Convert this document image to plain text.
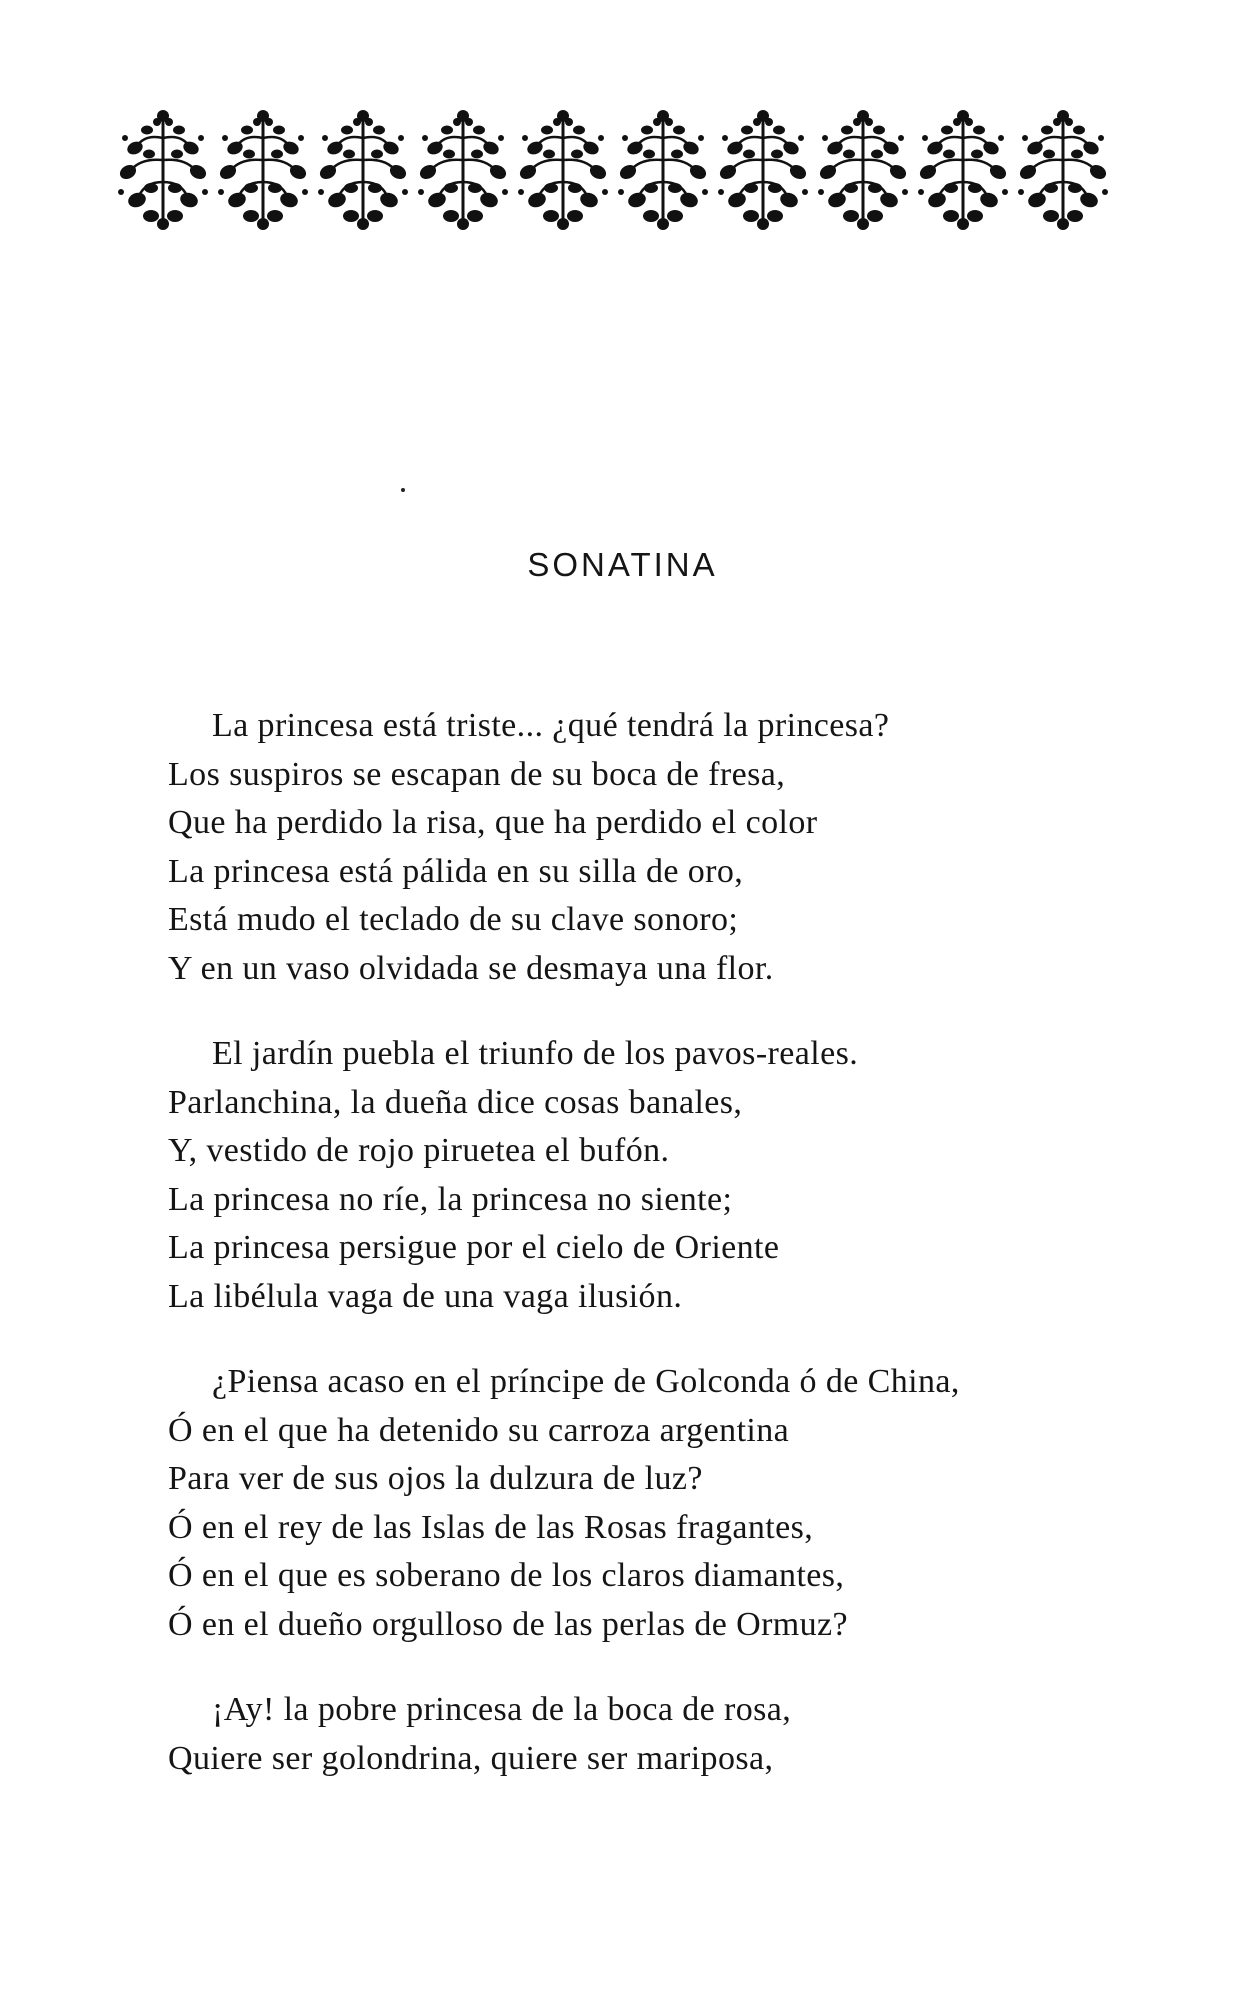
SONATINA
La princesa está triste... ¿qué tendrá la princesa?
Los suspiros se escapan de su boca de fresa,
Que ha perdido la risa, que ha perdido el color
La princesa está pálida en su silla de oro,
Está mudo el teclado de su clave sonoro;
Y en un vaso olvidada se desmaya una flor.
El jardín puebla el triunfo de los pavos-reales.
Parlanchina, la dueña dice cosas banales,
Y, vestido de rojo piruetea el bufón.
La princesa no ríe, la princesa no siente;
La princesa persigue por el cielo de Oriente
La libélula vaga de una vaga ilusión.
¿Piensa acaso en el príncipe de Golconda ó de China,
Ó en el que ha detenido su carroza argentina
Para ver de sus ojos la dulzura de luz?
Ó en el rey de las Islas de las Rosas fragantes,
Ó en el que es soberano de los claros diamantes,
Ó en el dueño orgulloso de las perlas de Ormuz?
¡Ay! la pobre princesa de la boca de rosa,
Quiere ser golondrina, quiere ser mariposa,
